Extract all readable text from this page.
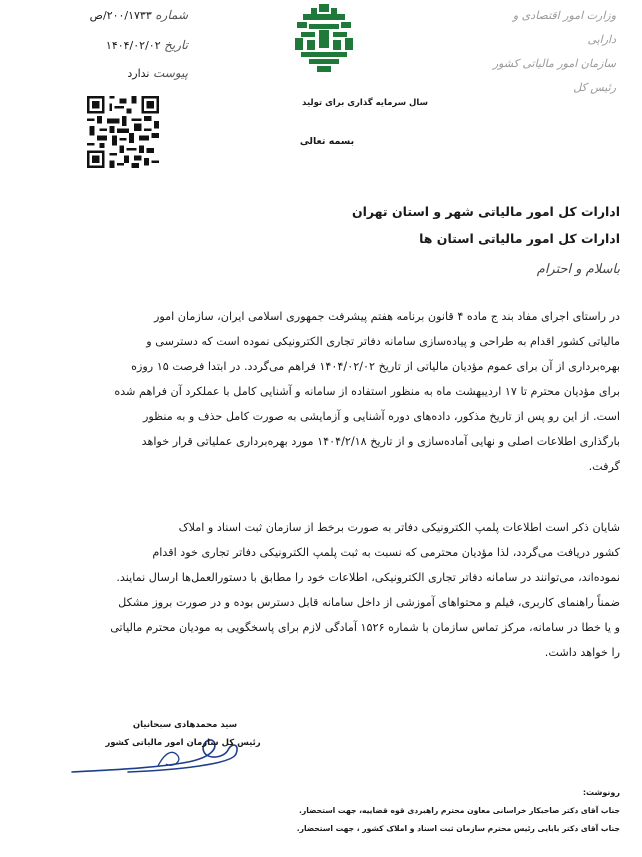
وزارت امور اقتصادی و دارایی
سازمان امور مالیاتی کشور
رئیس کل
شماره ۲۰۰/۱۷۳۳/ص
تاریخ ۱۴۰۴/۰۲/۰۲
پیوست ندارد
سال سرمایه گذاری برای تولید
بسمه تعالی
ادارات کل امور مالیاتی شهر و استان تهران
ادارات کل امور مالیاتی استان ها
باسلام و احترام
در راستای اجرای مفاد بند ج ماده ۴ قانون برنامه هفتم پیشرفت جمهوری اسلامی ایران، سازمان امور
مالیاتی کشور اقدام به طراحی و پیاده‌سازی سامانه دفاتر تجاری الکترونیکی نموده است که دسترسی و
بهره‌برداری از آن برای عموم مؤدیان مالیاتی از تاریخ ۱۴۰۴/۰۲/۰۲ فراهم می‌گردد. در ابتدا فرصت ۱۵ روزه
برای مؤدیان محترم تا ۱۷ اردیبهشت ماه به منظور استفاده از سامانه و آشنایی کامل با عملکرد آن فراهم شده
است. از این رو پس از تاریخ مذکور، داده‌های دوره آشنایی و آزمایشی به صورت کامل حذف و به منظور
بارگذاری اطلاعات اصلی و نهایی آماده‌سازی و از تاریخ ۱۴۰۴/۲/۱۸ مورد بهره‌برداری عملیاتی قرار خواهد
گرفت.
شایان ذکر است اطلاعات پلمپ الکترونیکی دفاتر به صورت برخط از سازمان ثبت اسناد و املاک
کشور دریافت می‌گردد، لذا مؤدیان محترمی که نسبت به ثبت پلمپ الکترونیکی دفاتر تجاری خود اقدام
نموده‌اند، می‌توانند در سامانه دفاتر تجاری الکترونیکی، اطلاعات خود را مطابق با دستورالعمل‌ها ارسال نمایند.
ضمناً راهنمای کاربری، فیلم و محتواهای آموزشی از داخل سامانه قابل دسترس بوده و در صورت بروز مشکل
و یا خطا در سامانه، مرکز تماس سازمان با شماره ۱۵۲۶ آمادگی لازم برای پاسخگویی به مودیان محترم مالیاتی
را خواهد داشت.
سید محمدهادی سبحانیان
رئیس کل سازمان امور مالیاتی کشور
رونوشت:
جناب آقای دکتر صاحبکار خراسانی معاون محترم راهبردی قوه قضاییه، جهت استحضار.
جناب آقای دکتر بابایی رئیس محترم سازمان ثبت اسناد و املاک کشور ، جهت استحضار.
